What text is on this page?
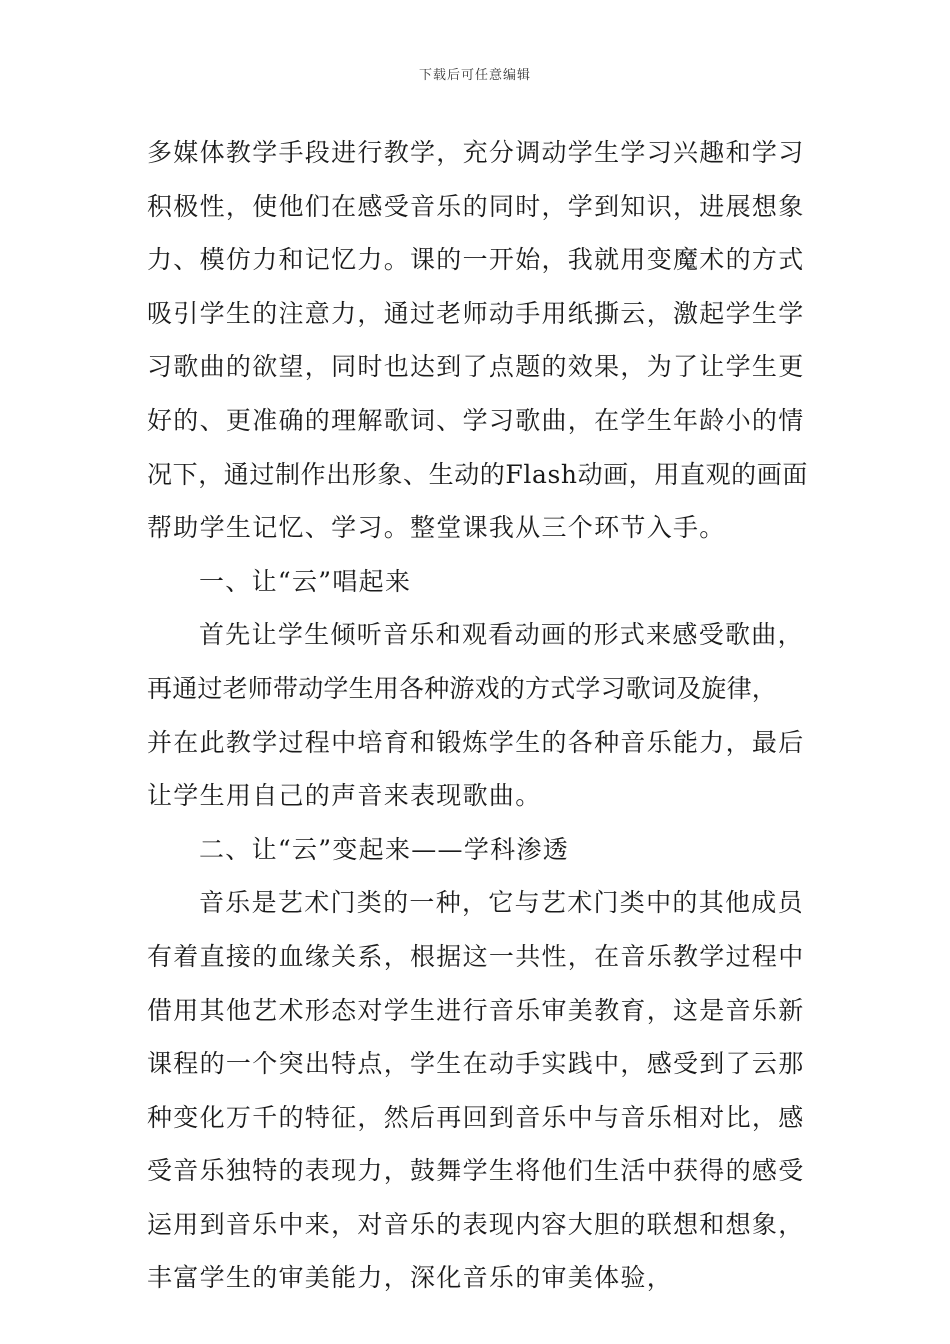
下载后可任意编辑
多媒体教学手段进行教学，充分调动学生学习兴趣和学习
积极性，使他们在感受音乐的同时，学到知识，进展想象
力、模仿力和记忆力。课的一开始，我就用变魔术的方式
吸引学生的注意力，通过老师动手用纸撕云，激起学生学
习歌曲的欲望，同时也达到了点题的效果，为了让学生更
好的、更准确的理解歌词、学习歌曲，在学生年龄小的情
况下，通过制作出形象、生动的Flash动画，用直观的画面
帮助学生记忆、学习。整堂课我从三个环节入手。
一、让“云”唱起来
首先让学生倾听音乐和观看动画的形式来感受歌曲，
再通过老师带动学生用各种游戏的方式学习歌词及旋律，
并在此教学过程中培育和锻炼学生的各种音乐能力，最后
让学生用自己的声音来表现歌曲。
二、让“云”变起来——学科渗透
音乐是艺术门类的一种，它与艺术门类中的其他成员
有着直接的血缘关系，根据这一共性，在音乐教学过程中
借用其他艺术形态对学生进行音乐审美教育，这是音乐新
课程的一个突出特点，学生在动手实践中，感受到了云那
种变化万千的特征，然后再回到音乐中与音乐相对比，感
受音乐独特的表现力，鼓舞学生将他们生活中获得的感受
运用到音乐中来，对音乐的表现内容大胆的联想和想象，
丰富学生的审美能力，深化音乐的审美体验，
